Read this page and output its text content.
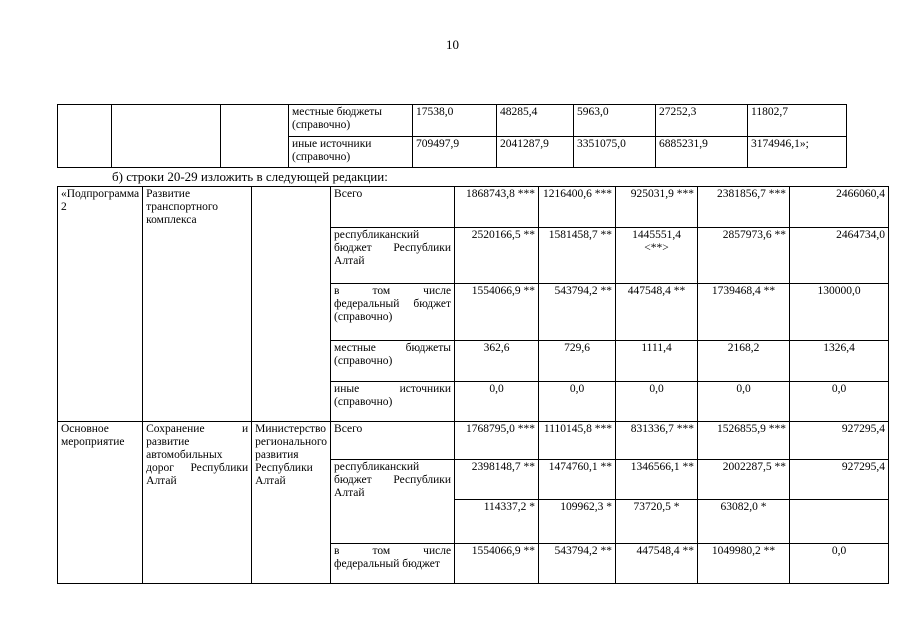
10
			местные бюджеты (справочно)	17538,0	48285,4	5963,0	27252,3	11802,7
			иные источники (справочно)	709497,9	2041287,9	3351075,0	6885231,9	3174946,1»;
б) строки 20-29 изложить в следующей редакции:
«Подпрограмма 2	Развитие транспортного комплекса		Всего	1868743,8 ***	1216400,6 ***	925031,9 ***	2381856,7 ***	2466060,4
			республиканский бюджет Республики Алтай	2520166,5 **	1581458,7 **	1445551,4 <**>	2857973,6 **	2464734,0
			в том числе федеральный бюджет (справочно)	1554066,9 **	543794,2 **	447548,4 **	1739468,4 **	130000,0
			местные бюджеты (справочно)	362,6	729,6	1111,4	2168,2	1326,4
			иные источники (справочно)	0,0	0,0	0,0	0,0	0,0
Основное мероприятие	Сохранение и развитие автомобильных дорог Республики Алтай	Министерство регионального развития Республики Алтай	Всего	1768795,0 ***	1110145,8 ***	831336,7 ***	1526855,9 ***	927295,4
			республиканский бюджет Республики Алтай	2398148,7 **	1474760,1 **	1346566,1 **	2002287,5 **	927295,4
				114337,2 *	109962,3 *	73720,5 *	63082,0 *	
			в том числе федеральный бюджет	1554066,9 **	543794,2 **	447548,4 **	1049980,2 **	0,0
